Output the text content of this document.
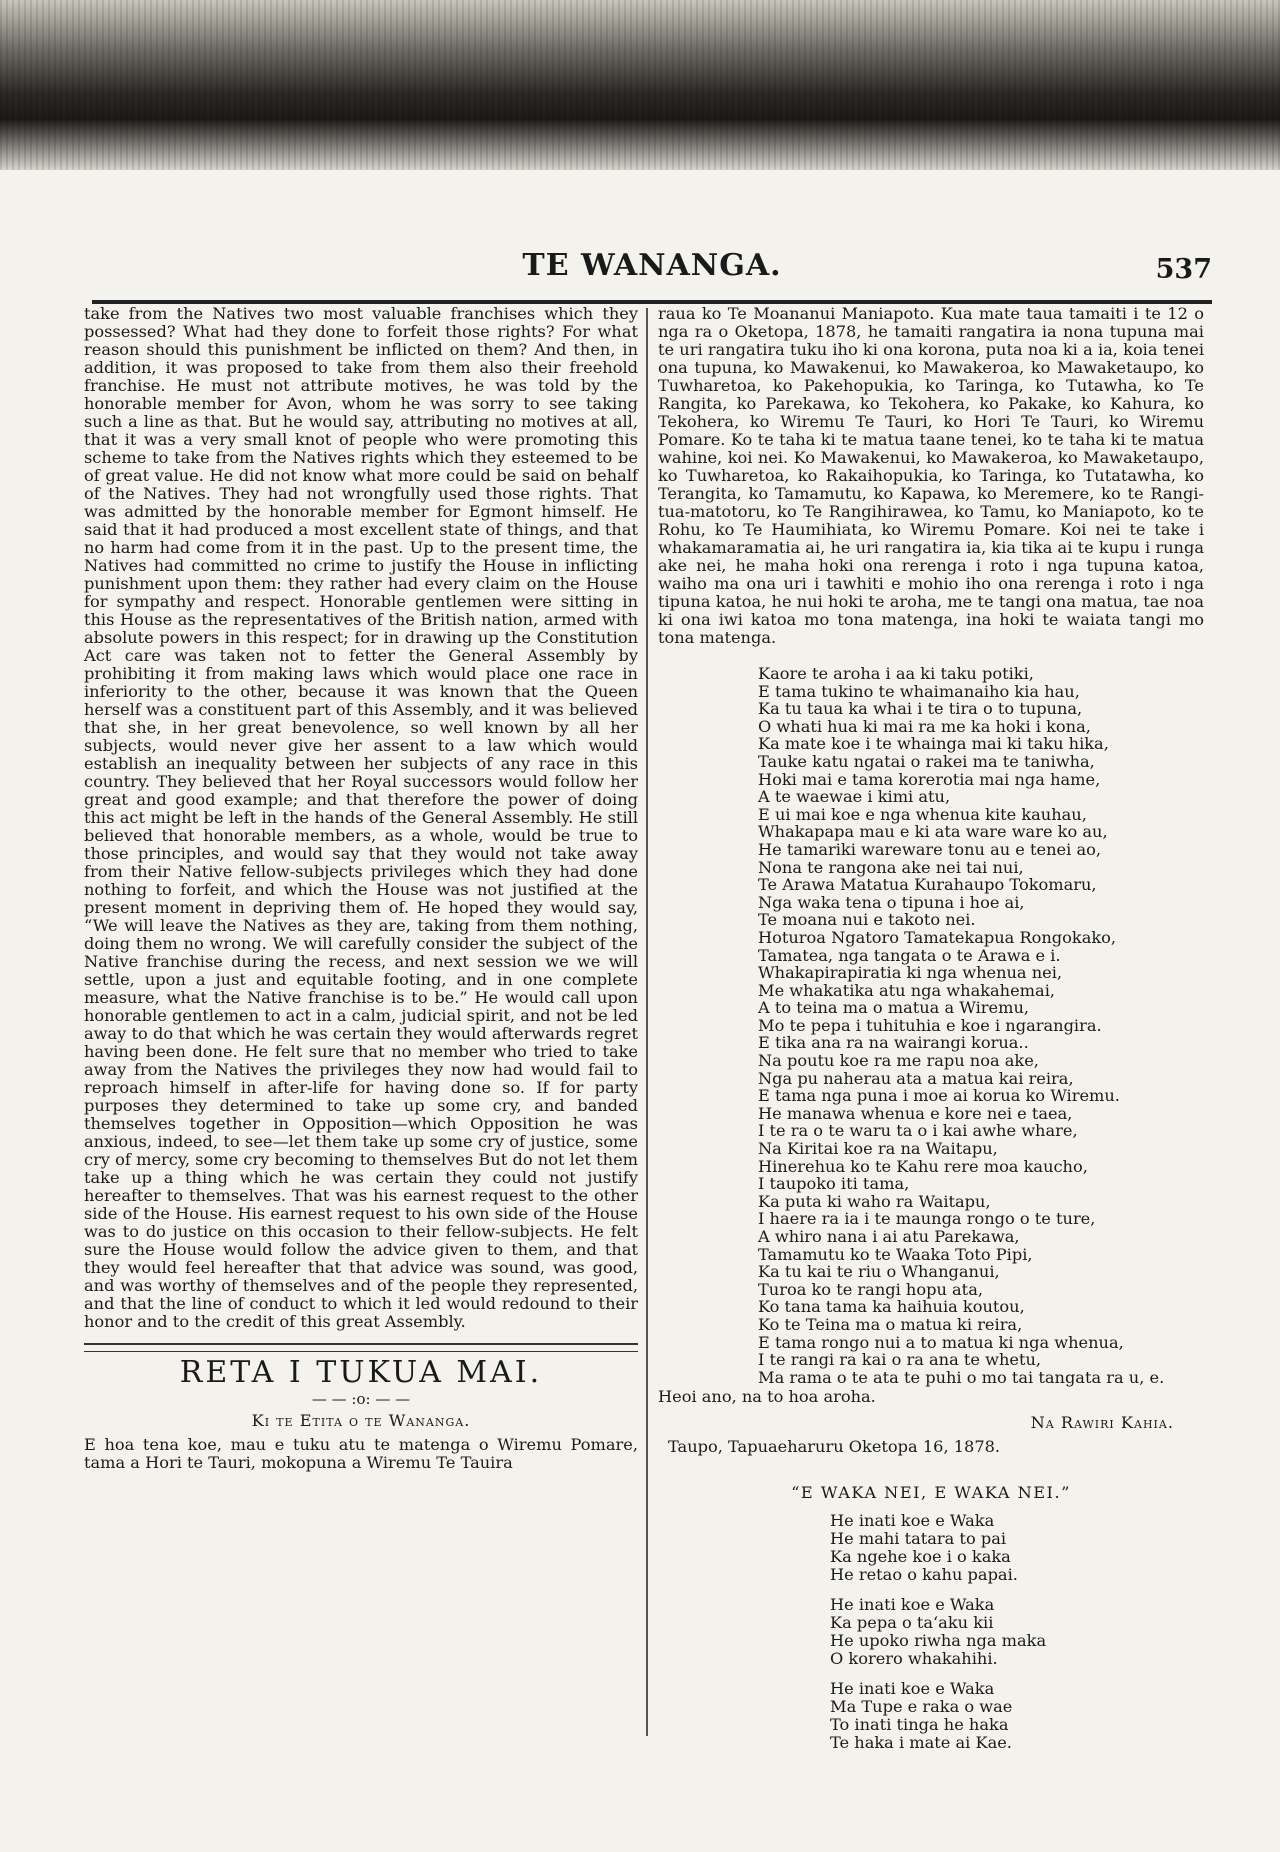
TE WANANGA.	537

take from the Natives two most valuable franchises which they possessed? What had they done to forfeit those rights? For what reason should this punishment be inflicted on them? And then, in addition, it was proposed to take from them also their freehold franchise. He must not attribute motives, he was told by the honorable member for Avon, whom he was sorry to see taking such a line as that. But he would say, attributing no motives at all, that it was a very small knot of people who were promoting this scheme to take from the Natives rights which they esteemed to be of great value. He did not know what more could be said on behalf of the Natives. They had not wrongfully used those rights. That was admitted by the honorable member for Egmont himself. He said that it had produced a most excellent state of things, and that no harm had come from it in the past. Up to the present time, the Natives had committed no crime to justify the House in inflicting punishment upon them: they rather had every claim on the House for sympathy and respect. Honorable gentlemen were sitting in this House as the representatives of the British nation, armed with absolute powers in this respect; for in drawing up the Constitution Act care was taken not to fetter the General Assembly by prohibiting it from making laws which would place one race in inferiority to the other, because it was known that the Queen herself was a constituent part of this Assembly, and it was believed that she, in her great benevolence, so well known by all her subjects, would never give her assent to a law which would establish an inequality between her subjects of any race in this country. They believed that her Royal successors would follow her great and good example; and that therefore the power of doing this act might be left in the hands of the General Assembly. He still believed that honorable members, as a whole, would be true to those principles, and would say that they would not take away from their Native fellow-subjects privileges which they had done nothing to forfeit, and which the House was not justified at the present moment in depriving them of. He hoped they would say, “We will leave the Natives as they are, taking from them nothing, doing them no wrong. We will carefully consider the subject of the Native franchise during the recess, and next session we we will settle, upon a just and equitable footing, and in one complete measure, what the Native franchise is to be.” He would call upon honorable gentlemen to act in a calm, judicial spirit, and not be led away to do that which he was certain they would afterwards regret having been done. He felt sure that no member who tried to take away from the Natives the privileges they now had would fail to reproach himself in after-life for having done so. If for party purposes they determined to take up some cry, and banded themselves together in Opposition—which Opposition he was anxious, indeed, to see—let them take up some cry of justice, some cry of mercy, some cry becoming to themselves But do not let them take up a thing which he was certain they could not justify hereafter to themselves. That was his earnest request to the other side of the House. His earnest request to his own side of the House was to do justice on this occasion to their fellow-subjects. He felt sure the House would follow the advice given to them, and that they would feel hereafter that that advice was sound, was good, and was worthy of themselves and of the people they represented, and that the line of conduct to which it led would redound to their honor and to the credit of this great Assembly.

RETA I TUKUA MAI.
— — :o: — —
Ki te Etita o te Wananga.

E hoa tena koe, mau e tuku atu te matenga o Wiremu Pomare, tama a Hori te Tauri, mokopuna a Wiremu Te Tauira

raua ko Te Moananui Maniapoto. Kua mate taua tamaiti i te 12 o nga ra o Oketopa, 1878, he tamaiti rangatira ia nona tupuna mai te uri rangatira tuku iho ki ona korona, puta noa ki a ia, koia tenei ona tupuna, ko Mawakenui, ko Mawakeroa, ko Mawaketaupo, ko Tuwharetoa, ko Pakehopukia, ko Taringa, ko Tutawha, ko Te Rangita, ko Parekawa, ko Tekohera, ko Pakake, ko Kahura, ko Tekohera, ko Wiremu Te Tauri, ko Hori Te Tauri, ko Wiremu Pomare. Ko te taha ki te matua taane tenei, ko te taha ki te matua wahine, koi nei. Ko Mawakenui, ko Mawakeroa, ko Mawaketaupo, ko Tuwharetoa, ko Rakaihopukia, ko Taringa, ko Tutatawha, ko Terangita, ko Tamamutu, ko Kapawa, ko Meremere, ko te Rangi-tua-matotoru, ko Te Rangihirawea, ko Tamu, ko Maniapoto, ko te Rohu, ko Te Haumihiata, ko Wiremu Pomare. Koi nei te take i whakamaramatia ai, he uri rangatira ia, kia tika ai te kupu i runga ake nei, he maha hoki ona rerenga i roto i nga tupuna katoa, waiho ma ona uri i tawhiti e mohio iho ona rerenga i roto i nga tipuna katoa, he nui hoki te aroha, me te tangi ona matua, tae noa ki ona iwi katoa mo tona matenga, ina hoki te waiata tangi mo tona matenga.

Kaore te aroha i aa ki taku potiki,
E tama tukino te whaimanaiho kia hau,
Ka tu taua ka whai i te tira o to tupuna,
O whati hua ki mai ra me ka hoki i kona,
Ka mate koe i te whainga mai ki taku hika,
Tauke katu ngatai o rakei ma te taniwha,
Hoki mai e tama korerotia mai nga hame,
A te waewae i kimi atu,
E ui mai koe e nga whenua kite kauhau,
Whakapapa mau e ki ata ware ware ko au,
He tamariki wareware tonu au e tenei ao,
Nona te rangona ake nei tai nui,
Te Arawa Matatua Kurahaupo Tokomaru,
Nga waka tena o tipuna i hoe ai,
Te moana nui e takoto nei.
Hoturoa Ngatoro Tamatekapua Rongokako,
Tamatea, nga tangata o te Arawa e i.
Whakapirapiratia ki nga whenua nei,
Me whakatika atu nga whakahemai,
A to teina ma o matua a Wiremu,
Mo te pepa i tuhituhia e koe i ngarangira.
E tika ana ra na wairangi korua..
Na poutu koe ra me rapu noa ake,
Nga pu naherau ata a matua kai reira,
E tama nga puna i moe ai korua ko Wiremu.
He manawa whenua e kore nei e taea,
I te ra o te waru ta o i kai awhe whare,
Na Kiritai koe ra na Waitapu,
Hinerehua ko te Kahu rere moa kaucho,
I taupoko iti tama,
Ka puta ki waho ra Waitapu,
I haere ra ia i te maunga rongo o te ture,
A whiro nana i ai atu Parekawa,
Tamamutu ko te Waaka Toto Pipi,
Ka tu kai te riu o Whanganui,
Turoa ko te rangi hopu ata,
Ko tana tama ka haihuia koutou,
Ko te Teina ma o matua ki reira,
E tama rongo nui a to matua ki nga whenua,
I te rangi ra kai o ra ana te whetu,
Ma rama o te ata te puhi o mo tai tangata ra u, e.
Heoi ano, na to hoa aroha.
Na Rawiri Kahia.
Taupo, Tapuaeharuru Oketopa 16, 1878.
“E WAKA NEI, E WAKA NEI.”
He inati koe e Waka
He mahi tatara to pai
Ka ngehe koe i o kaka
He retao o kahu papai.
He inati koe e Waka
Ka pepa o taʻaku kii
He upoko riwha nga maka
O korero whakahihi.
He inati koe e Waka
Ma Tupe e raka o wae
To inati tinga he haka
Te haka i mate ai Kae.
